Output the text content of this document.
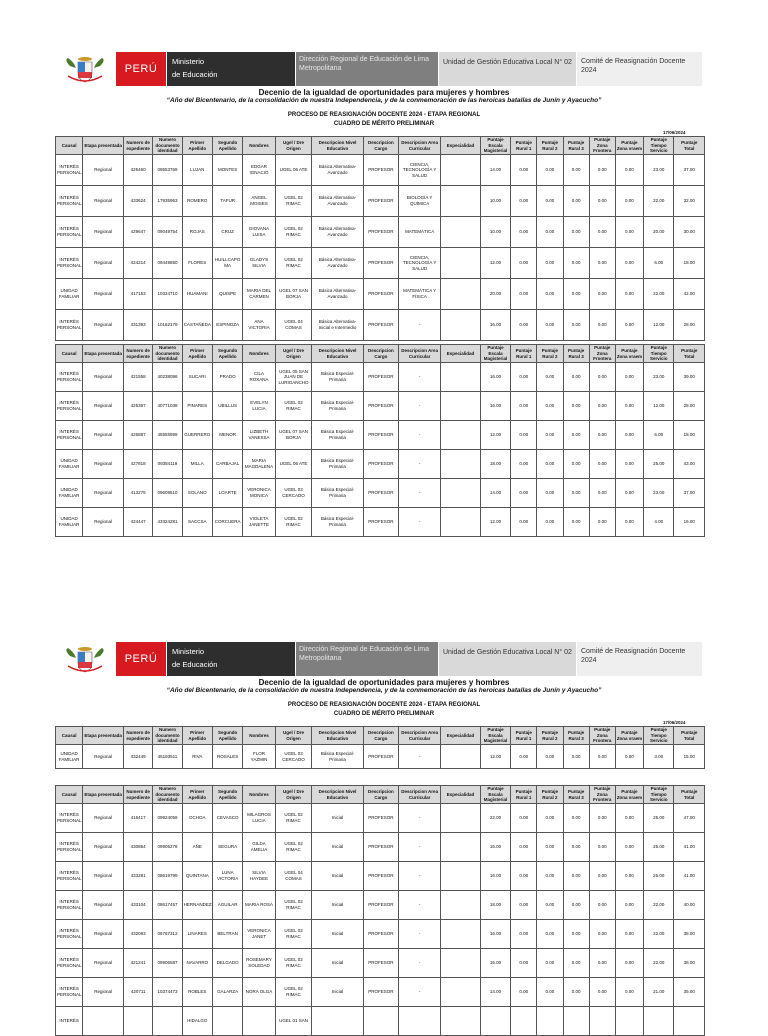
PERÚ
Ministerio
de Educación
Dirección Regional de Educación de Lima Metropolitana
Unidad de Gestión Educativa Local N° 02	Comité de Reasignación Docente 2024
Decenio de la igualdad de oportunidades para mujeres y hombres
“Año del Bicentenario, de la consolidación de nuestra Independencia, y de la conmemoración de las heroicas batallas de Junín y Ayacucho”
PROCESO DE REASIGNACIÓN DOCENTE 2024 - ETAPA REGIONAL
CUADRO DE MÉRITO PRELIMINAR
17/06/2024
Causal	Etapa presentada	Numero de expediente	Numero documento identidad	Primer Apellido	Segundo Apellido	Nombres	Ugel / Dre Origen	Descripcion Nivel Educativo	Descripcion Cargo	Descripcion Area Curricular	Especialidad	Puntaje Escala Magisterial	Puntaje Rural 1	Puntaje Rural 2	Puntaje Rural 3	Puntaje Zona Frontera	Puntaje Zona vraem	Puntaje Tiempo Servicio	Puntaje Total
INTERÉS PERSONAL	Regional	425460	09553769	LUJAN	MONTES	EDGAR IGNACIO	UGEL 06 ATE	Básica Alternativa-Avanzado	PROFESOR	CIENCIA, TECNOLOGÍA Y SALUD		14.00	0.00	0.00	0.00	0.00	0.00	23.00	37.00
INTERÉS PERSONAL	Regional	433624	17935963	ROMERO	TAFUR	ANGEL MOISES	UGEL 02 RIMAC	Básica Alternativa-Avanzado	PROFESOR	BIOLOGÍA Y QUÍMICA		10.00	0.00	0.00	0.00	0.00	0.00	22.00	32.00
INTERÉS PERSONAL	Regional	429647	09049754	ROJAS	CRUZ	GIOVANA LUISA	UGEL 02 RIMAC	Básica Alternativa-Avanzado	PROFESOR	MATEMÁTICA		10.00	0.00	0.00	0.00	0.00	0.00	20.00	30.00
INTERÉS PERSONAL	Regional	424214	09449850	FLORES	HUILLCAPO MA	GLADYS SILVIA	UGEL 02 RIMAC	Básica Alternativa-Avanzado	PROFESOR	CIENCIA, TECNOLOGÍA Y SALUD		12.00	0.00	0.00	0.00	0.00	0.00	6.00	18.00
UNIDAD FAMILIAR	Regional	417153	10324710	HUAMANI	QUISPE	MARIA DEL CARMEN	UGEL 07 SAN BORJA	Básica Alternativa-Avanzado	PROFESOR	MATEMÁTICA Y FÍSICA		20.00	0.00	0.00	0.00	0.00	0.00	22.00	42.00
INTERÉS PERSONAL	Regional	431393	10162179	CASTAÑEDA	ESPINOZA	ANA VICTORIA	UGEL 04 COMAS	Básica Alternativa-Inicial e Intermedio	PROFESOR	-		16.00	0.00	0.00	0.00	0.00	0.00	12.00	28.00
Causal	Etapa presentada	Numero de expediente	Numero documento identidad	Primer Apellido	Segundo Apellido	Nombres	Ugel / Dre Origen	Descripcion Nivel Educativo	Descripcion Cargo	Descripcion Area Curricular	Especialidad	Puntaje Escala Magisterial	Puntaje Rural 1	Puntaje Rural 2	Puntaje Rural 3	Puntaje Zona Frontera	Puntaje Zona vraem	Puntaje Tiempo Servicio	Puntaje Total
INTERÉS PERSONAL	Regional	421558	40238086	SUCARI	PRADO	CILA ROXANA	UGEL 05 SAN JUAN DE LURIGANCHO	Básica Especial-Primaria	PROFESOR	-		16.00	0.00	0.00	0.00	0.00	0.00	23.00	39.00
INTERÉS PERSONAL	Regional	425357	40771038	PINARES	UBILLUS	EVELYN LUCIA	UGEL 02 RIMAC	Básica Especial-Primaria	PROFESOR	-		16.00	0.00	0.00	0.00	0.00	0.00	12.00	28.00
INTERÉS PERSONAL	Regional	426887	45555999	GUERRERO	MENOR	LIZBETH VANESSA	UGEL 07 SAN BORJA	Básica Especial-Primaria	PROFESOR	-		12.00	0.00	0.00	0.00	0.00	0.00	6.00	18.00
UNIDAD FAMILIAR	Regional	427818	09384119	MILLA	CARBAJAL	MARIA MAGDALENA	UGEL 06 ATE	Básica Especial-Primaria	PROFESOR	-		18.00	0.00	0.00	0.00	0.00	0.00	25.00	43.00
UNIDAD FAMILIAR	Regional	413275	09609510	SOLANO	LOARTE	VERONICA MONICA	UGEL 03 CERCADO	Básica Especial-Primaria	PROFESOR	-		14.00	0.00	0.00	0.00	0.00	0.00	23.00	37.00
UNIDAD FAMILIAR	Regional	424447	43324281	SACCSA	CORCUERA	VIOLETA JANETTE	UGEL 02 RIMAC	Básica Especial-Primaria	PROFESOR	-		12.00	0.00	0.00	0.00	0.00	0.00	4.00	16.00
PERÚ
Ministerio
de Educación
Dirección Regional de Educación de Lima Metropolitana
Unidad de Gestión Educativa Local N° 02	Comité de Reasignación Docente 2024
Decenio de la igualdad de oportunidades para mujeres y hombres
“Año del Bicentenario, de la consolidación de nuestra Independencia, y de la conmemoración de las heroicas batallas de Junín y Ayacucho”
PROCESO DE REASIGNACIÓN DOCENTE 2024 - ETAPA REGIONAL
CUADRO DE MÉRITO PRELIMINAR
17/06/2024
Causal	Etapa presentada	Numero de expediente	Numero documento identidad	Primer Apellido	Segundo Apellido	Nombres	Ugel / Dre Origen	Descripcion Nivel Educativo	Descripcion Cargo	Descripcion Area Curricular	Especialidad	Puntaje Escala Magisterial	Puntaje Rural 1	Puntaje Rural 2	Puntaje Rural 3	Puntaje Zona Frontera	Puntaje Zona vraem	Puntaje Tiempo Servicio	Puntaje Total
UNIDAD FAMILIAR	Regional	432449	45193511	RIVA	ROSALES	FLOR YAZMIN	UGEL 03 CERCADO	Básica Especial-Primaria	PROFESOR	-		12.00	0.00	0.00	0.00	0.00	0.00	3.00	15.00
Causal	Etapa presentada	Numero de expediente	Numero documento identidad	Primer Apellido	Segundo Apellido	Nombres	Ugel / Dre Origen	Descripcion Nivel Educativo	Descripcion Cargo	Descripcion Area Curricular	Especialidad	Puntaje Escala Magisterial	Puntaje Rural 1	Puntaje Rural 2	Puntaje Rural 3	Puntaje Zona Frontera	Puntaje Zona vraem	Puntaje Tiempo Servicio	Puntaje Total
INTERÉS PERSONAL	Regional	416417	09924059	OCHOA	CEVASCO	MILAGROS LUCIA	UGEL 02 RIMAC	Inicial	PROFESOR	-		22.00	0.00	0.00	0.00	0.00	0.00	25.00	47.00
INTERÉS PERSONAL	Regional	430864	09905278	AÑE	SEGURA	GILDA AMELIA	UGEL 02 RIMAC	Inicial	PROFESOR	-		16.00	0.00	0.00	0.00	0.00	0.00	25.00	41.00
INTERÉS PERSONAL	Regional	433281	08619799	QUINTANA	LUNA VICTORIA	SILVIA HAYDEE	UGEL 04 COMAS	Inicial	PROFESOR	-		16.00	0.00	0.00	0.00	0.00	0.00	25.00	41.00
INTERÉS PERSONAL	Regional	433104	08617457	HERNANDEZ	AGUILAR	MARIA ROSA	UGEL 02 RIMAC	Inicial	PROFESOR	-		18.00	0.00	0.00	0.00	0.00	0.00	22.00	40.00
INTERÉS PERSONAL	Regional	432093	06767312	LINARES	BELTRAN	VERONICA JANET	UGEL 02 RIMAC	Inicial	PROFESOR	-		16.00	0.00	0.00	0.00	0.00	0.00	22.00	38.00
INTERÉS PERSONAL	Regional	421241	09906587	NAVARRO	DELGADO	ROSEMARY SOLEDAD	UGEL 02 RIMAC	Inicial	PROFESOR	-		16.00	0.00	0.00	0.00	0.00	0.00	22.00	38.00
INTERÉS PERSONAL	Regional	420711	10374473	ROBLES	GALARZA	NORA OLGA	UGEL 02 RIMAC	Inicial	PROFESOR	-		14.00	0.00	0.00	0.00	0.00	0.00	21.00	35.00
INTERÉS				HIDALGO			UGEL 01 SAN												
